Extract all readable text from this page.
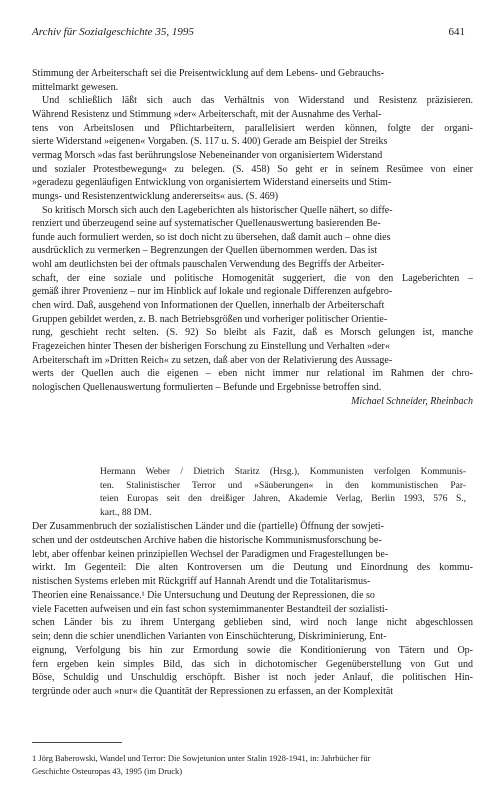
Archiv für Sozialgeschichte 35, 1995	641
Stimmung der Arbeiterschaft sei die Preisentwicklung auf dem Lebens- und Gebrauchs-
mittelmarkt gewesen.
Und schließlich läßt sich auch das Verhältnis von Widerstand und Resistenz präzisieren.
Während Resistenz und Stimmung »der« Arbeiterschaft, mit der Ausnahme des Verhal-
tens von Arbeitslosen und Pflichtarbeitern, parallelisiert werden können, folgte der organi-
sierte Widerstand »eigenen« Vorgaben. (S. 117 u. S. 400) Gerade am Beispiel der Streiks
vermag Morsch »das fast berührungslose Nebeneinander von organisiertem Widerstand
und sozialer Protestbewegung« zu belegen. (S. 458) So geht er in seinem Resümee von einer
»geradezu gegenläufigen Entwicklung von organisiertem Widerstand einerseits und Stim-
mungs- und Resistenzentwicklung andererseits« aus. (S. 469)
So kritisch Morsch sich auch den Lageberichten als historischer Quelle nähert, so diffe-
renziert und überzeugend seine auf systematischer Quellenauswertung basierenden Be-
funde auch formuliert werden, so ist doch nicht zu übersehen, daß damit auch – ohne dies
ausdrücklich zu vermerken – Begrenzungen der Quellen übernommen werden. Das ist
wohl am deutlichsten bei der oftmals pauschalen Verwendung des Begriffs der Arbeiter-
schaft, der eine soziale und politische Homogenität suggeriert, die von den Lageberichten –
gemäß ihrer Provenienz – nur im Hinblick auf lokale und regionale Differenzen aufgebro-
chen wird. Daß, ausgehend von Informationen der Quellen, innerhalb der Arbeiterschaft
Gruppen gebildet werden, z. B. nach Betriebsgrößen und vorheriger politischer Orientie-
rung, geschieht recht selten. (S. 92) So bleibt als Fazit, daß es Morsch gelungen ist, manche
Fragezeichen hinter Thesen der bisherigen Forschung zu Einstellung und Verhalten »der«
Arbeiterschaft im »Dritten Reich« zu setzen, daß aber von der Relativierung des Aussage-
werts der Quellen auch die eigenen – eben nicht immer nur relational im Rahmen der chro-
nologischen Quellenauswertung formulierten – Befunde und Ergebnisse betroffen sind.
Michael Schneider, Rheinbach
Hermann Weber / Dietrich Staritz (Hrsg.), Kommunisten verfolgen Kommunis-
ten. Stalinistischer Terror und »Säuberungen« in den kommunistischen Par-
teien Europas seit den dreißiger Jahren, Akademie Verlag, Berlin 1993, 576 S.,
kart., 88 DM.
Der Zusammenbruch der sozialistischen Länder und die (partielle) Öffnung der sowjeti-
schen und der ostdeutschen Archive haben die historische Kommunismusforschung be-
lebt, aber offenbar keinen prinzipiellen Wechsel der Paradigmen und Fragestellungen be-
wirkt. Im Gegenteil: Die alten Kontroversen um die Deutung und Einordnung des kommu-
nistischen Systems erleben mit Rückgriff auf Hannah Arendt und die Totalitarismus-
Theorien eine Renaissance.¹ Die Untersuchung und Deutung der Repressionen, die so
viele Facetten aufweisen und ein fast schon systemimmanenter Bestandteil der sozialisti-
schen Länder bis zu ihrem Untergang geblieben sind, wird noch lange nicht abgeschlossen
sein; denn die schier unendlichen Varianten von Einschüchterung, Diskriminierung, Ent-
eignung, Verfolgung bis hin zur Ermordung sowie die Konditionierung von Tätern und Op-
fern ergeben kein simples Bild, das sich in dichotomischer Gegenüberstellung von Gut und
Böse, Schuldig und Unschuldig erschöpft. Bisher ist noch jeder Anlauf, die politischen Hin-
tergründe oder auch »nur« die Quantität der Repressionen zu erfassen, an der Komplexität
1 Jörg Baberowski, Wandel und Terror: Die Sowjetunion unter Stalin 1928-1941, in: Jahrbücher für
Geschichte Osteuropas 43, 1995 (im Druck)
